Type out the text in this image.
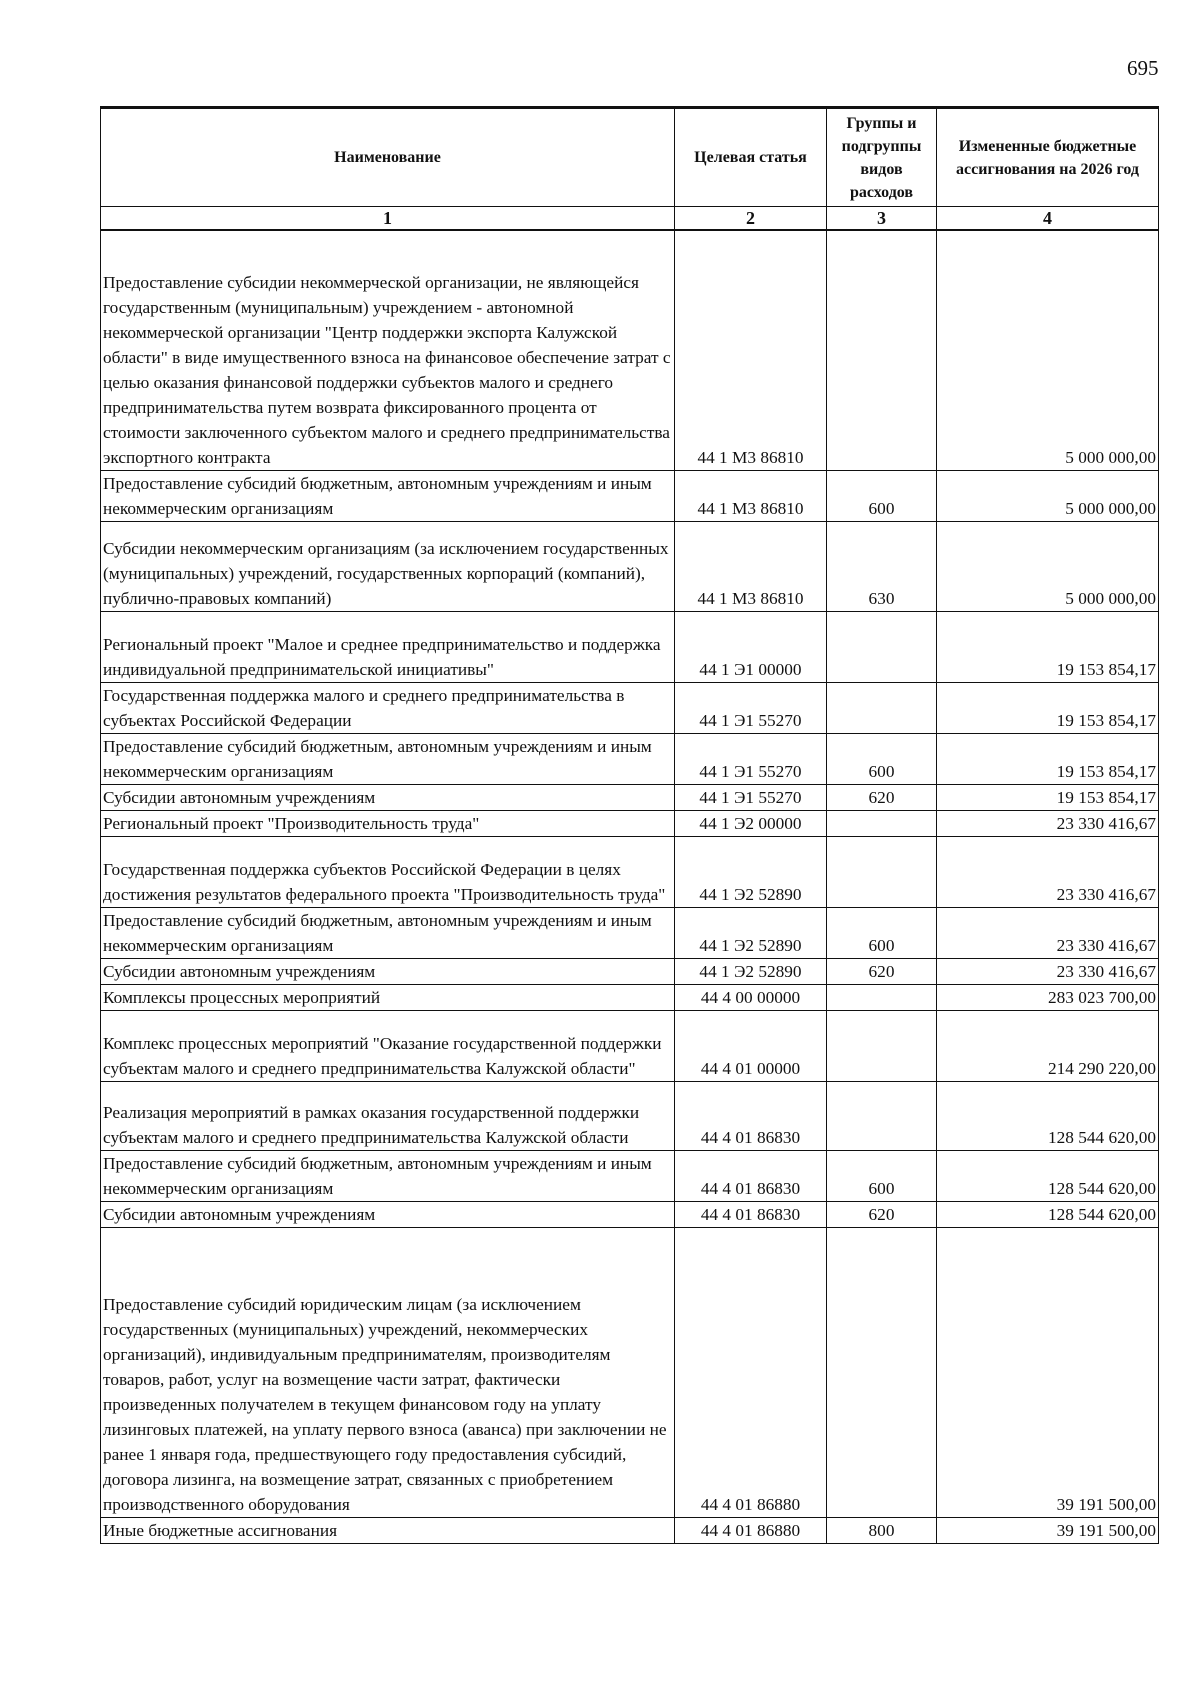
695
Наименование	Целевая статья	Группы и подгруппы видов расходов	Измененные бюджетные ассигнования на 2026 год
1	2	3	4
Предоставление субсидии некоммерческой организации, не являющейся государственным (муниципальным) учреждением - автономной некоммерческой организации "Центр поддержки экспорта Калужской области" в виде имущественного взноса на финансовое обеспечение затрат с целью оказания финансовой поддержки субъектов малого и среднего предпринимательства путем возврата фиксированного процента от стоимости заключенного субъектом малого и среднего предпринимательства экспортного контракта	44 1 М3 86810		5 000 000,00
Предоставление субсидий бюджетным, автономным учреждениям и иным некоммерческим организациям	44 1 М3 86810	600	5 000 000,00
Субсидии некоммерческим организациям (за исключением государственных (муниципальных) учреждений, государственных корпораций (компаний), публично-правовых компаний)	44 1 М3 86810	630	5 000 000,00
Региональный проект "Малое и среднее предпринимательство и поддержка индивидуальной предпринимательской инициативы"	44 1 Э1 00000		19 153 854,17
Государственная поддержка малого и среднего предпринимательства в субъектах Российской Федерации	44 1 Э1 55270		19 153 854,17
Предоставление субсидий бюджетным, автономным учреждениям и иным некоммерческим организациям	44 1 Э1 55270	600	19 153 854,17
Субсидии автономным учреждениям	44 1 Э1 55270	620	19 153 854,17
Региональный проект "Производительность труда"	44 1 Э2 00000		23 330 416,67
Государственная поддержка субъектов Российской Федерации в целях достижения результатов федерального проекта "Производительность труда"	44 1 Э2 52890		23 330 416,67
Предоставление субсидий бюджетным, автономным учреждениям и иным некоммерческим организациям	44 1 Э2 52890	600	23 330 416,67
Субсидии автономным учреждениям	44 1 Э2 52890	620	23 330 416,67
Комплексы процессных мероприятий	44 4 00 00000		283 023 700,00
Комплекс процессных мероприятий "Оказание государственной поддержки субъектам малого и среднего предпринимательства Калужской области"	44 4 01 00000		214 290 220,00
Реализация мероприятий в рамках оказания государственной поддержки субъектам малого и среднего предпринимательства Калужской области	44 4 01 86830		128 544 620,00
Предоставление субсидий бюджетным, автономным учреждениям и иным некоммерческим организациям	44 4 01 86830	600	128 544 620,00
Субсидии автономным учреждениям	44 4 01 86830	620	128 544 620,00
Предоставление субсидий юридическим лицам (за исключением государственных (муниципальных) учреждений, некоммерческих организаций), индивидуальным предпринимателям, производителям товаров, работ, услуг на возмещение части затрат, фактически произведенных получателем в текущем финансовом году на уплату лизинговых платежей, на уплату первого взноса (аванса) при заключении не ранее 1 января года, предшествующего году предоставления субсидий, договора лизинга, на возмещение затрат, связанных с приобретением производственного оборудования	44 4 01 86880		39 191 500,00
Иные бюджетные ассигнования	44 4 01 86880	800	39 191 500,00
